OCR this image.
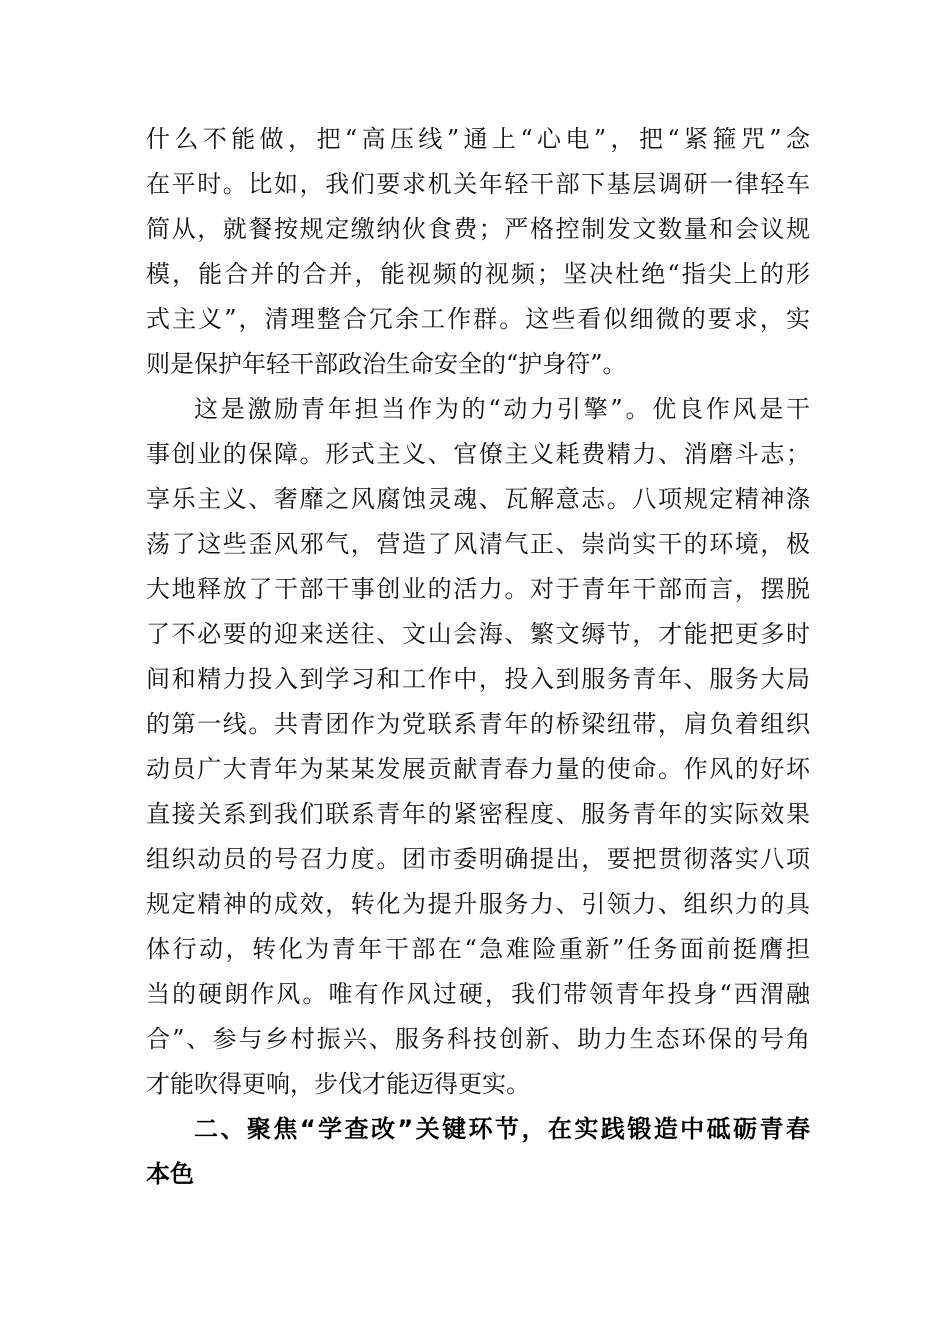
什么不能做，把“高压线”通上“心电”，把“紧箍咒”念
在平时。比如，我们要求机关年轻干部下基层调研一律轻车
简从，就餐按规定缴纳伙食费；严格控制发文数量和会议规
模，能合并的合并，能视频的视频；坚决杜绝“指尖上的形
式主义”，清理整合冗余工作群。这些看似细微的要求，实
则是保护年轻干部政治生命安全的“护身符”。
这是激励青年担当作为的“动力引擎”。优良作风是干
事创业的保障。形式主义、官僚主义耗费精力、消磨斗志；
享乐主义、奢靡之风腐蚀灵魂、瓦解意志。八项规定精神涤
荡了这些歪风邪气，营造了风清气正、崇尚实干的环境，极
大地释放了干部干事创业的活力。对于青年干部而言，摆脱
了不必要的迎来送往、文山会海、繁文缛节，才能把更多时
间和精力投入到学习和工作中，投入到服务青年、服务大局
的第一线。共青团作为党联系青年的桥梁纽带，肩负着组织
动员广大青年为某某发展贡献青春力量的使命。作风的好坏
直接关系到我们联系青年的紧密程度、服务青年的实际效果
组织动员的号召力度。团市委明确提出，要把贯彻落实八项
规定精神的成效，转化为提升服务力、引领力、组织力的具
体行动，转化为青年干部在“急难险重新”任务面前挺膺担
当的硬朗作风。唯有作风过硬，我们带领青年投身“西渭融
合”、参与乡村振兴、服务科技创新、助力生态环保的号角
才能吹得更响，步伐才能迈得更实。
二、聚焦“学查改”关键环节，在实践锻造中砥砺青春
本色
